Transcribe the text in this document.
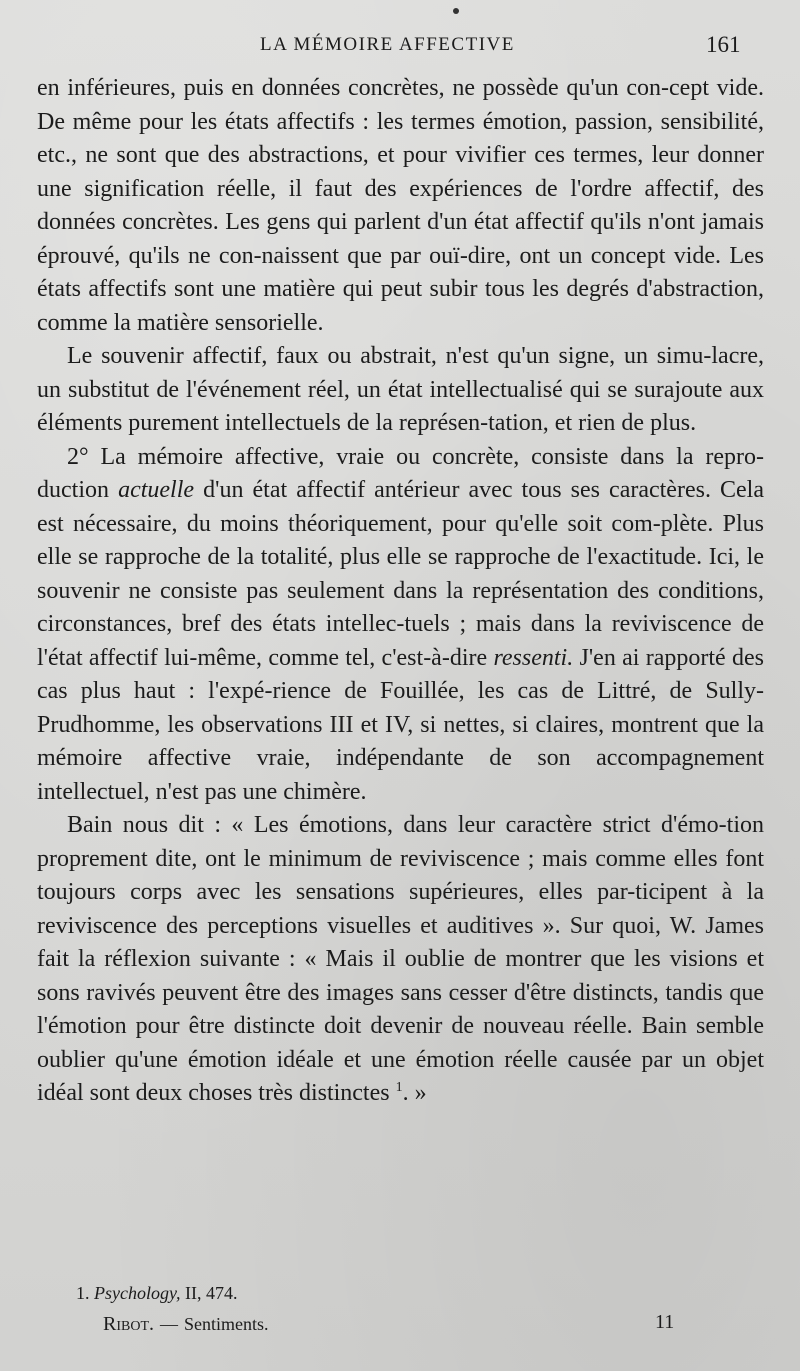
LA MÉMOIRE AFFECTIVE	161

en inférieures, puis en données concrètes, ne possède qu'un con-cept vide. De même pour les états affectifs : les termes émotion, passion, sensibilité, etc., ne sont que des abstractions, et pour vivifier ces termes, leur donner une signification réelle, il faut des expériences de l'ordre affectif, des données concrètes. Les gens qui parlent d'un état affectif qu'ils n'ont jamais éprouvé, qu'ils ne con-naissent que par ouï-dire, ont un concept vide. Les états affectifs sont une matière qui peut subir tous les degrés d'abstraction, comme la matière sensorielle.

Le souvenir affectif, faux ou abstrait, n'est qu'un signe, un simu-lacre, un substitut de l'événement réel, un état intellectualisé qui se surajoute aux éléments purement intellectuels de la représen-tation, et rien de plus.

2° La mémoire affective, vraie ou concrète, consiste dans la repro-duction actuelle d'un état affectif antérieur avec tous ses caractères. Cela est nécessaire, du moins théoriquement, pour qu'elle soit com-plète. Plus elle se rapproche de la totalité, plus elle se rapproche de l'exactitude. Ici, le souvenir ne consiste pas seulement dans la représentation des conditions, circonstances, bref des états intellec-tuels ; mais dans la reviviscence de l'état affectif lui-même, comme tel, c'est-à-dire ressenti. J'en ai rapporté des cas plus haut : l'expé-rience de Fouillée, les cas de Littré, de Sully-Prudhomme, les observations III et IV, si nettes, si claires, montrent que la mémoire affective vraie, indépendante de son accompagnement intellectuel, n'est pas une chimère.

Bain nous dit : « Les émotions, dans leur caractère strict d'émo-tion proprement dite, ont le minimum de reviviscence ; mais comme elles font toujours corps avec les sensations supérieures, elles par-ticipent à la reviviscence des perceptions visuelles et auditives ». Sur quoi, W. James fait la réflexion suivante : « Mais il oublie de montrer que les visions et sons ravivés peuvent être des images sans cesser d'être distincts, tandis que l'émotion pour être distincte doit devenir de nouveau réelle. Bain semble oublier qu'une émotion idéale et une émotion réelle causée par un objet idéal sont deux choses très distinctes $^1$. »

1. Psychology, II, 474.
Ribot. — Sentiments.	11
